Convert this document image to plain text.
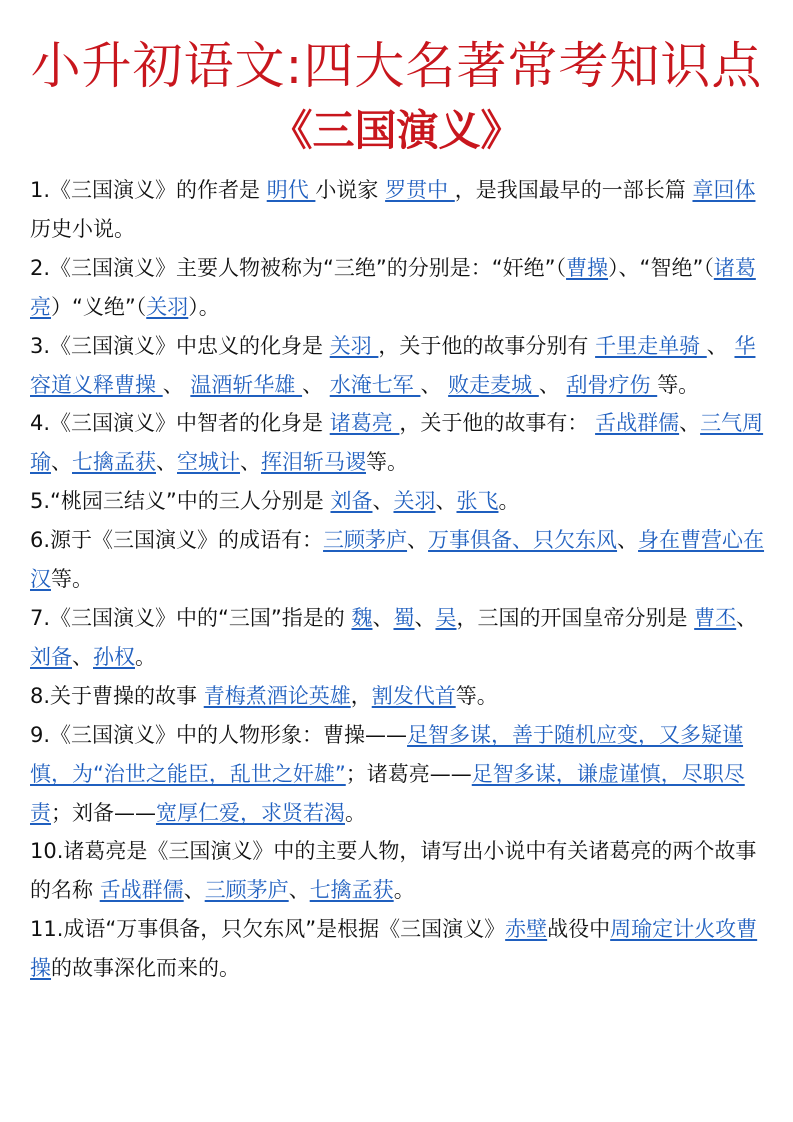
小升初语文:四大名著常考知识点
《三国演义》

1.《三国演义》的作者是 明代 小说家 罗贯中 ，是我国最早的一部长篇 章回体 历史小说。

2.《三国演义》主要人物被称为“三绝”的分别是：“奸绝”（曹操）、“智绝”（诸葛亮）“义绝”（关羽）。

3.《三国演义》中忠义的化身是 关羽 ，关于他的故事分别有 千里走单骑 、 华容道义释曹操 、 温酒斩华雄 、 水淹七军 、 败走麦城 、 刮骨疗伤 等。

4.《三国演义》中智者的化身是 诸葛亮 ，关于他的故事有： 舌战群儒、三气周瑜、七擒孟获、空城计、挥泪斩马谡等。

5.“桃园三结义”中的三人分别是 刘备、关羽、张飞。

6.源于《三国演义》的成语有：三顾茅庐、万事俱备、只欠东风、身在曹营心在汉等。

7.《三国演义》中的“三国”指是的 魏、蜀、吴，三国的开国皇帝分别是 曹丕、刘备、孙权。

8.关于曹操的故事 青梅煮酒论英雄，割发代首等。

9.《三国演义》中的人物形象：曹操——足智多谋，善于随机应变，又多疑谨慎，为“治世之能臣，乱世之奸雄”；诸葛亮——足智多谋，谦虚谨慎，尽职尽责；刘备——宽厚仁爱，求贤若渴。

10.诸葛亮是《三国演义》中的主要人物，请写出小说中有关诸葛亮的两个故事的名称 舌战群儒、三顾茅庐、七擒孟获。

11.成语“万事俱备，只欠东风”是根据《三国演义》赤壁战役中周瑜定计火攻曹操的故事深化而来的。
